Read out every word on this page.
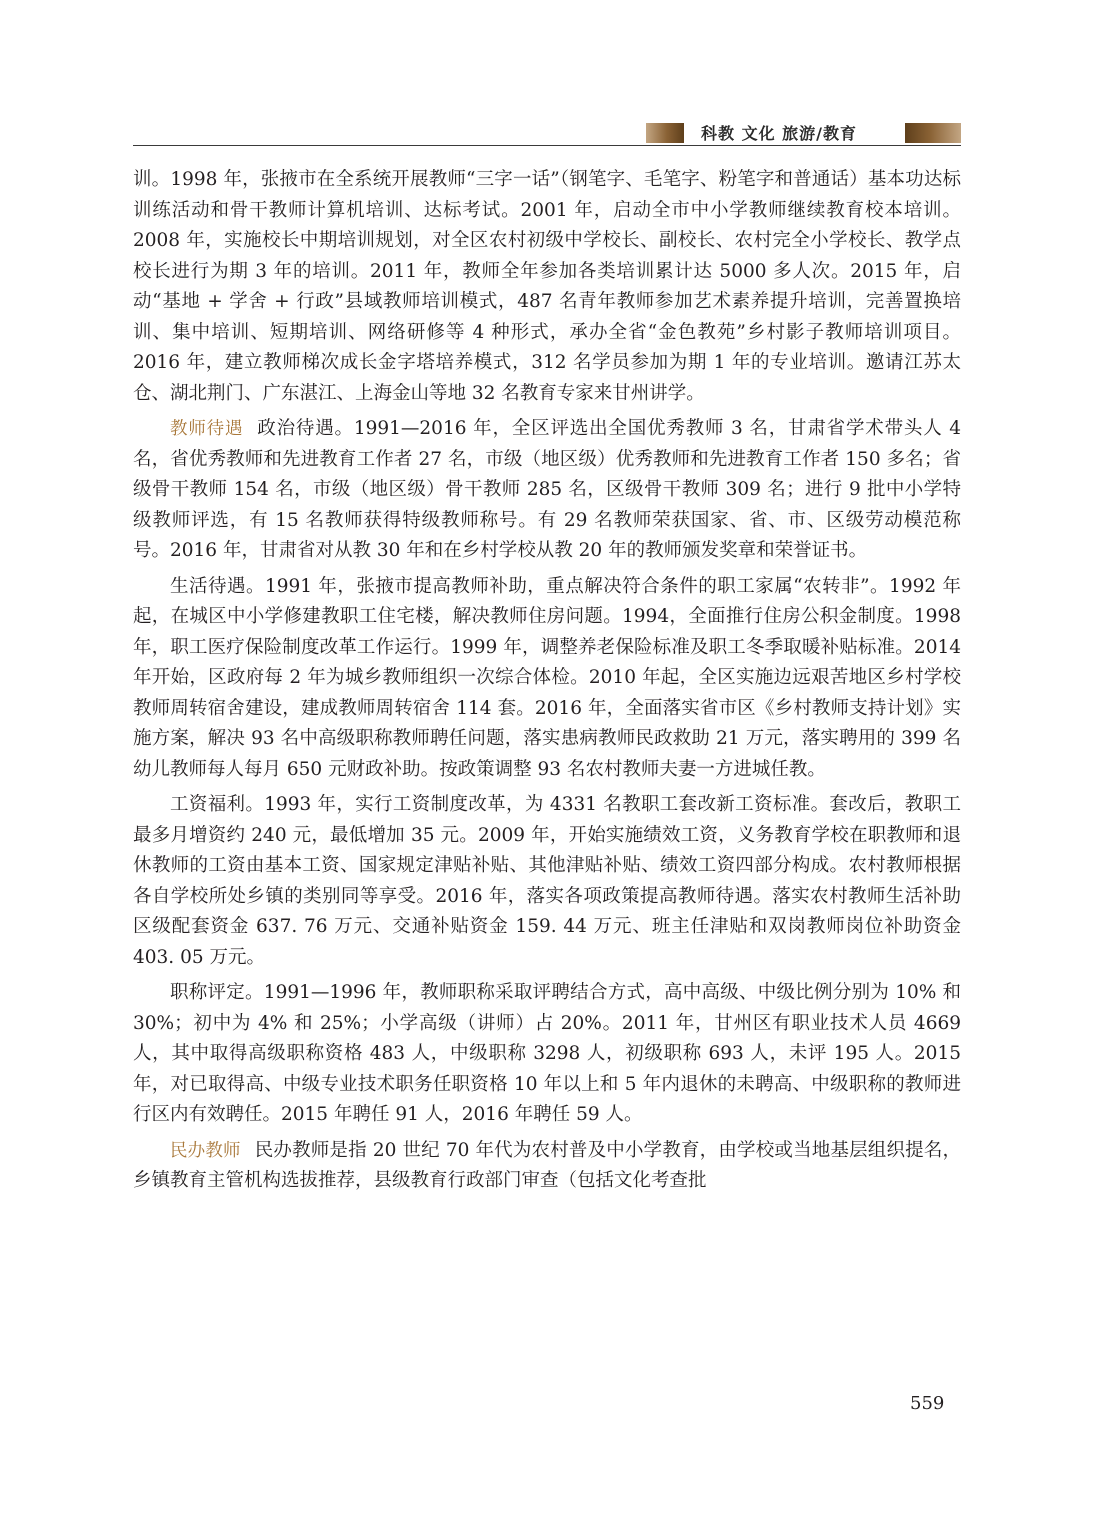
科教 文化 旅游/教育

训。1998 年，张掖市在全系统开展教师“三字一话”（钢笔字、毛笔字、粉笔字和普通话）基本功达标训练活动和骨干教师计算机培训、达标考试。2001 年，启动全市中小学教师继续教育校本培训。2008 年，实施校长中期培训规划，对全区农村初级中学校长、副校长、农村完全小学校长、教学点校长进行为期 3 年的培训。2011 年，教师全年参加各类培训累计达 5000 多人次。2015 年，启动“基地 + 学舍 + 行政”县域教师培训模式，487 名青年教师参加艺术素养提升培训，完善置换培训、集中培训、短期培训、网络研修等 4 种形式，承办全省“金色教苑”乡村影子教师培训项目。2016 年，建立教师梯次成长金字塔培养模式，312 名学员参加为期 1 年的专业培训。邀请江苏太仓、湖北荆门、广东湛江、上海金山等地 32 名教育专家来甘州讲学。

教师待遇 政治待遇。1991—2016 年，全区评选出全国优秀教师 3 名，甘肃省学术带头人 4 名，省优秀教师和先进教育工作者 27 名，市级（地区级）优秀教师和先进教育工作者 150 多名；省级骨干教师 154 名，市级（地区级）骨干教师 285 名，区级骨干教师 309 名；进行 9 批中小学特级教师评选，有 15 名教师获得特级教师称号。有 29 名教师荣获国家、省、市、区级劳动模范称号。2016 年，甘肃省对从教 30 年和在乡村学校从教 20 年的教师颁发奖章和荣誉证书。

生活待遇。1991 年，张掖市提高教师补助，重点解决符合条件的职工家属“农转非”。1992 年起，在城区中小学修建教职工住宅楼，解决教师住房问题。1994，全面推行住房公积金制度。1998 年，职工医疗保险制度改革工作运行。1999 年，调整养老保险标准及职工冬季取暖补贴标准。2014 年开始，区政府每 2 年为城乡教师组织一次综合体检。2010 年起，全区实施边远艰苦地区乡村学校教师周转宿舍建设，建成教师周转宿舍 114 套。2016 年，全面落实省市区《乡村教师支持计划》实施方案，解决 93 名中高级职称教师聘任问题，落实患病教师民政救助 21 万元，落实聘用的 399 名幼儿教师每人每月 650 元财政补助。按政策调整 93 名农村教师夫妻一方进城任教。

工资福利。1993 年，实行工资制度改革，为 4331 名教职工套改新工资标准。套改后，教职工最多月增资约 240 元，最低增加 35 元。2009 年，开始实施绩效工资，义务教育学校在职教师和退休教师的工资由基本工资、国家规定津贴补贴、其他津贴补贴、绩效工资四部分构成。农村教师根据各自学校所处乡镇的类别同等享受。2016 年，落实各项政策提高教师待遇。落实农村教师生活补助区级配套资金 637. 76 万元、交通补贴资金 159. 44 万元、班主任津贴和双岗教师岗位补助资金 403. 05 万元。

职称评定。1991—1996 年，教师职称采取评聘结合方式，高中高级、中级比例分别为 10% 和 30%；初中为 4% 和 25%；小学高级（讲师）占 20%。2011 年，甘州区有职业技术人员 4669 人，其中取得高级职称资格 483 人，中级职称 3298 人，初级职称 693 人，未评 195 人。2015 年，对已取得高、中级专业技术职务任职资格 10 年以上和 5 年内退休的未聘高、中级职称的教师进行区内有效聘任。2015 年聘任 91 人，2016 年聘任 59 人。

民办教师 民办教师是指 20 世纪 70 年代为农村普及中小学教育，由学校或当地基层组织提名，乡镇教育主管机构选拔推荐，县级教育行政部门审查（包括文化考查批

559
